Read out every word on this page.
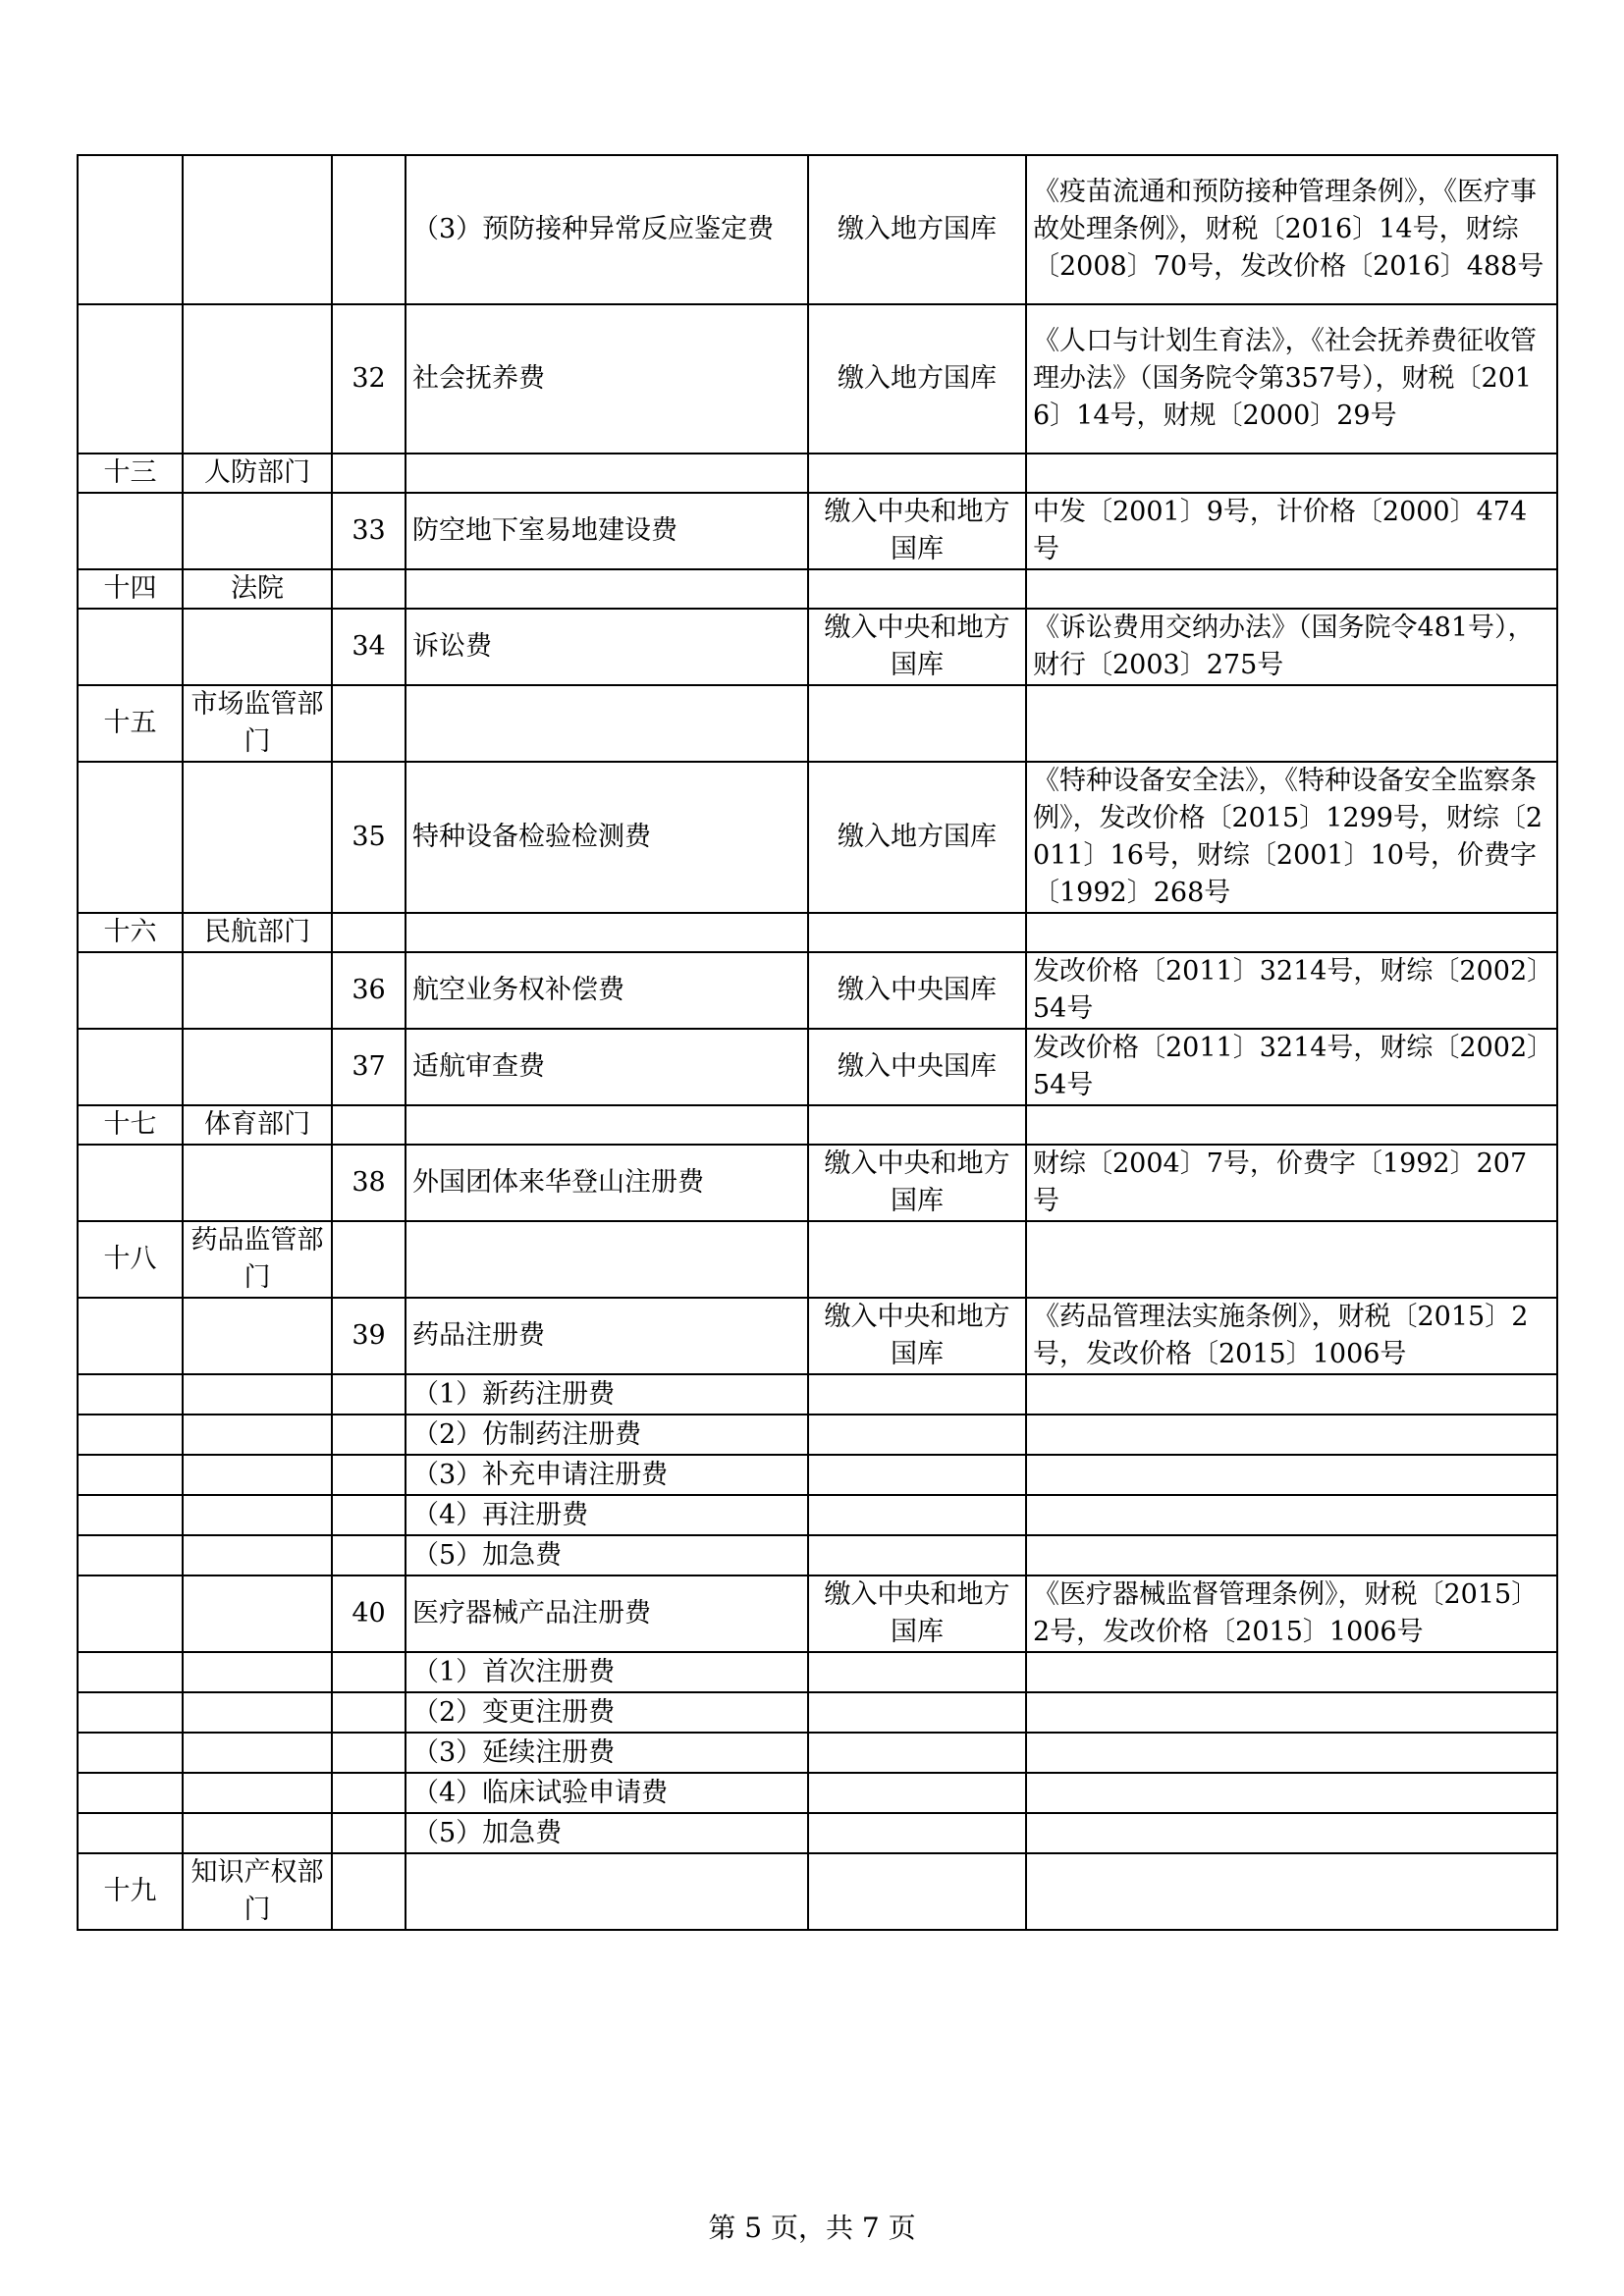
			（3）预防接种异常反应鉴定费	缴入地方国库	《疫苗流通和预防接种管理条例》，《医疗事故处理条例》，财税〔2016〕14号，财综〔2008〕70号，发改价格〔2016〕488号
		32	社会抚养费	缴入地方国库	《人口与计划生育法》，《社会抚养费征收管理办法》（国务院令第357号），财税〔2016〕14号，财规〔2000〕29号
十三	人防部门				
		33	防空地下室易地建设费	缴入中央和地方国库	中发〔2001〕9号，计价格〔2000〕474号
十四	法院				
		34	诉讼费	缴入中央和地方国库	《诉讼费用交纳办法》（国务院令481号），财行〔2003〕275号
十五	市场监管部门				
		35	特种设备检验检测费	缴入地方国库	《特种设备安全法》，《特种设备安全监察条例》，发改价格〔2015〕1299号，财综〔2011〕16号，财综〔2001〕10号，价费字〔1992〕268号
十六	民航部门				
		36	航空业务权补偿费	缴入中央国库	发改价格〔2011〕3214号，财综〔2002〕54号
		37	适航审查费	缴入中央国库	发改价格〔2011〕3214号，财综〔2002〕54号
十七	体育部门				
		38	外国团体来华登山注册费	缴入中央和地方国库	财综〔2004〕7号，价费字〔1992〕207号
十八	药品监管部门				
		39	药品注册费	缴入中央和地方国库	《药品管理法实施条例》，财税〔2015〕2号，发改价格〔2015〕1006号
			（1）新药注册费		
			（2）仿制药注册费		
			（3）补充申请注册费		
			（4）再注册费		
			（5）加急费		
		40	医疗器械产品注册费	缴入中央和地方国库	《医疗器械监督管理条例》，财税〔2015〕2号，发改价格〔2015〕1006号
			（1）首次注册费		
			（2）变更注册费		
			（3）延续注册费		
			（4）临床试验申请费		
			（5）加急费		
十九	知识产权部门				
第 5 页，共 7 页
